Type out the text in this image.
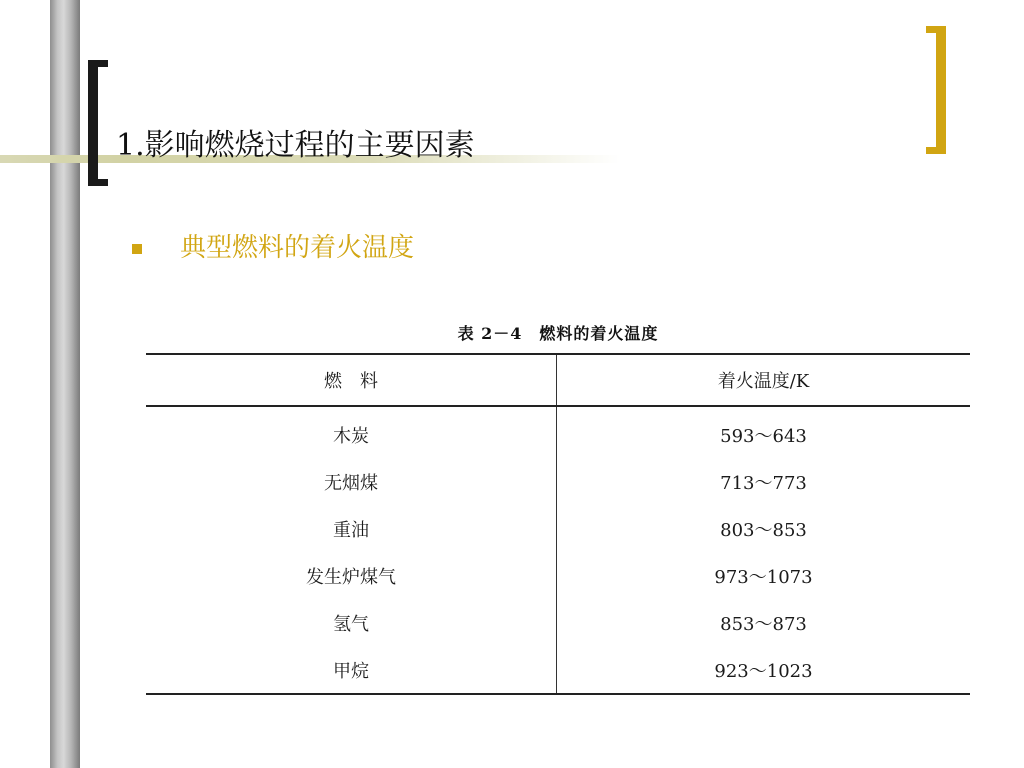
1.影响燃烧过程的主要因素
典型燃料的着火温度
表 2－4　燃料的着火温度
燃　料	着火温度/K
木炭	593～643
无烟煤	713～773
重油	803～853
发生炉煤气	973～1073
氢气	853～873
甲烷	923～1023
